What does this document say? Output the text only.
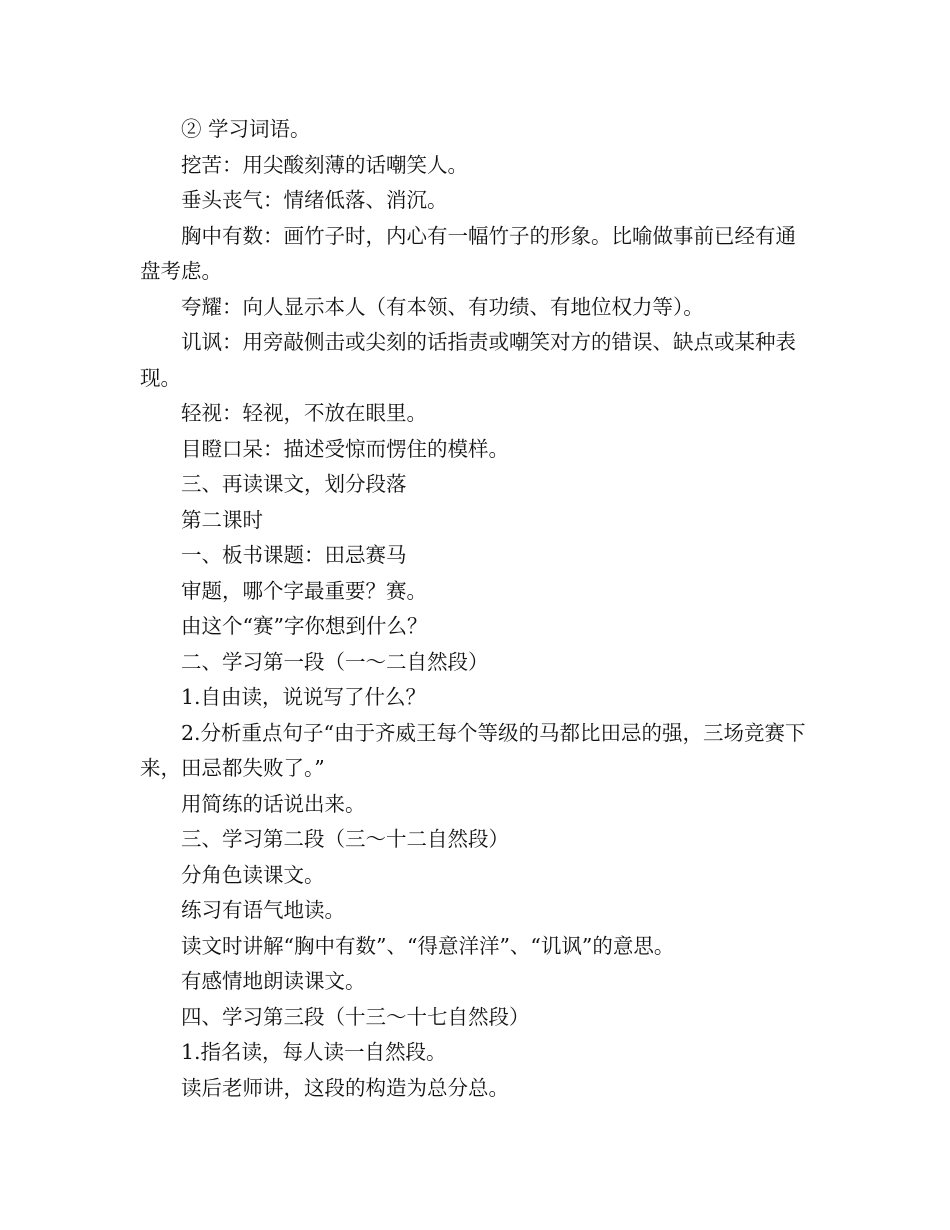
② 学习词语。

挖苦：用尖酸刻薄的话嘲笑人。

垂头丧气：情绪低落、消沉。

胸中有数：画竹子时，内心有一幅竹子的形象。比喻做事前已经有通盘考虑。

夸耀：向人显示本人（有本领、有功绩、有地位权力等）。

讥讽：用旁敲侧击或尖刻的话指责或嘲笑对方的错误、缺点或某种表现。

轻视：轻视，不放在眼里。

目瞪口呆：描述受惊而愣住的模样。

三、再读课文，划分段落

第二课时

一、板书课题：田忌赛马

审题，哪个字最重要？赛。

由这个“赛”字你想到什么？

二、学习第一段（一～二自然段）

1.自由读，说说写了什么？

2.分析重点句子“由于齐威王每个等级的马都比田忌的强，三场竞赛下来，田忌都失败了。”

用简练的话说出来。

三、学习第二段（三～十二自然段）

分角色读课文。

练习有语气地读。

读文时讲解“胸中有数”、“得意洋洋”、“讥讽”的意思。

有感情地朗读课文。

四、学习第三段（十三～十七自然段）

1.指名读，每人读一自然段。

读后老师讲，这段的构造为总分总。
